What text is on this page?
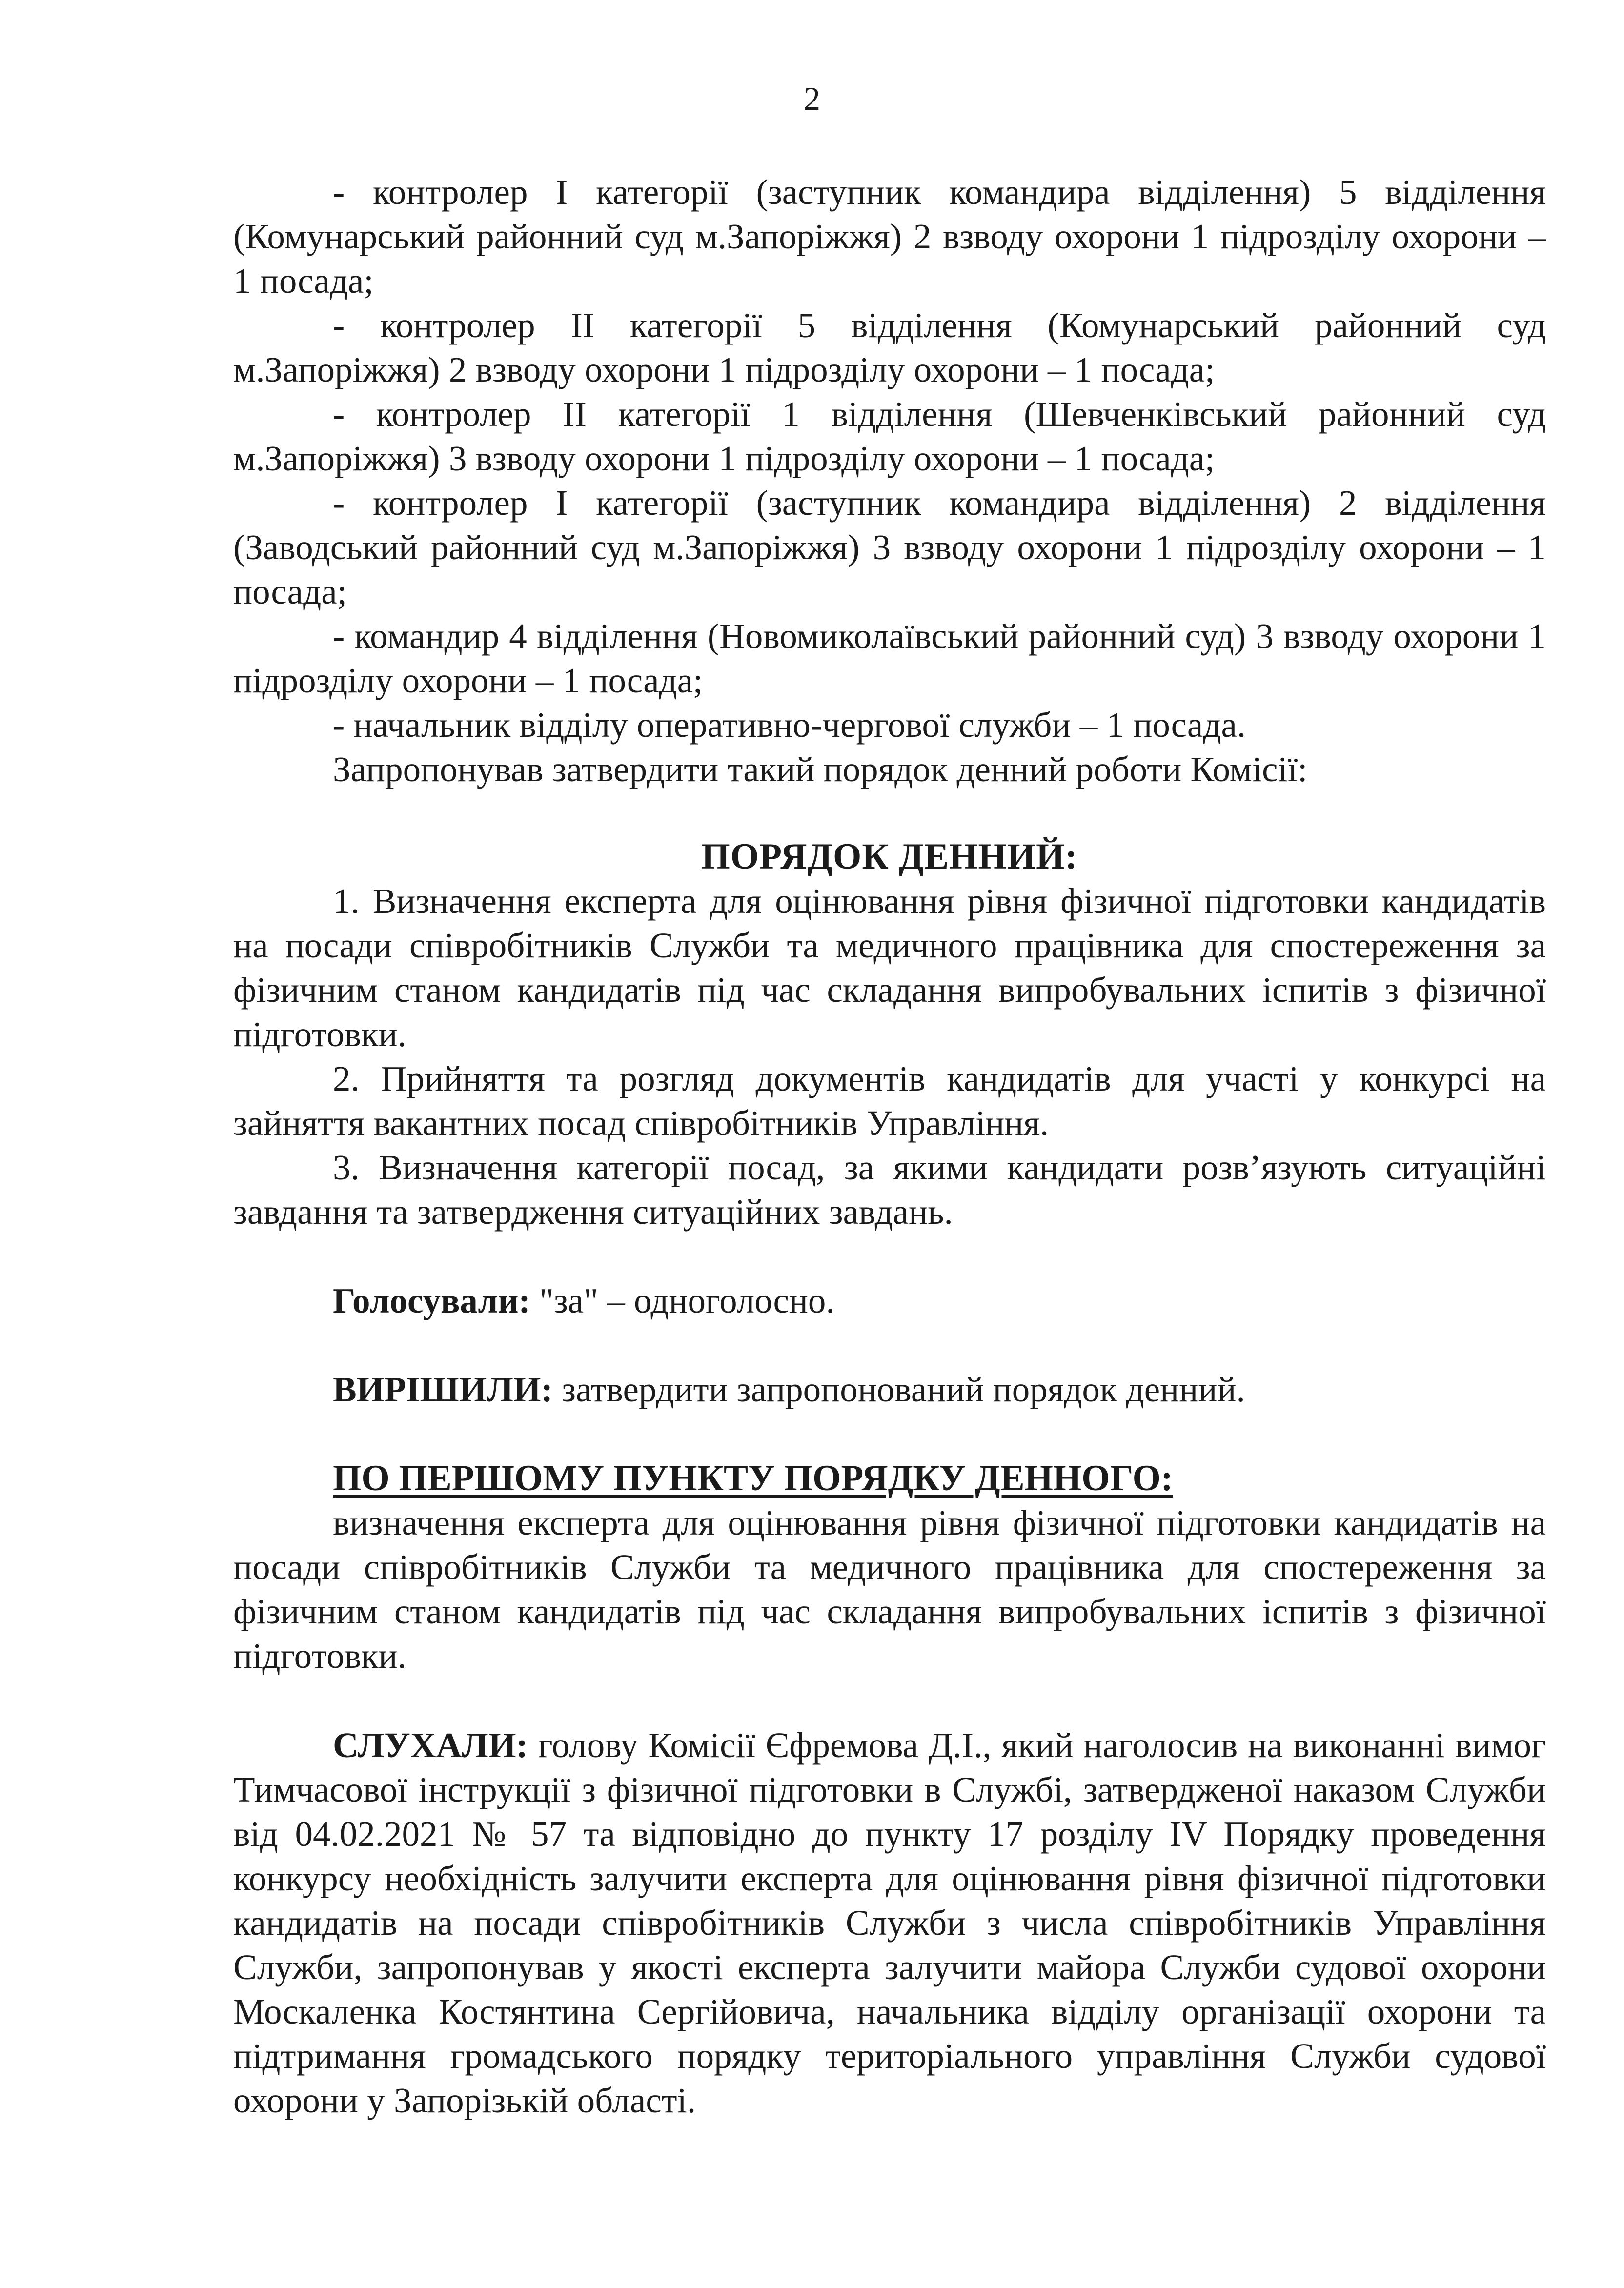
2

- контролер І категорії (заступник командира відділення) 5 відділення (Комунарський районний суд м.Запоріжжя) 2 взводу охорони 1 підрозділу охорони – 1 посада;

- контролер ІІ категорії 5 відділення (Комунарський районний суд м.Запоріжжя) 2 взводу охорони 1 підрозділу охорони – 1 посада;

- контролер ІІ категорії 1 відділення (Шевченківський районний суд м.Запоріжжя) 3 взводу охорони 1 підрозділу охорони – 1 посада;

- контролер І категорії (заступник командира відділення) 2 відділення (Заводський районний суд м.Запоріжжя) 3 взводу охорони 1 підрозділу охорони – 1 посада;

- командир 4 відділення (Новомиколаївський районний суд) 3 взводу охорони 1 підрозділу охорони – 1 посада;

- начальник відділу оперативно-чергової служби – 1 посада.

Запропонував затвердити такий порядок денний роботи Комісії:

ПОРЯДОК ДЕННИЙ:

1. Визначення експерта для оцінювання рівня фізичної підготовки кандидатів на посади співробітників Служби та медичного працівника для спостереження за фізичним станом кандидатів під час складання випробувальних іспитів з фізичної підготовки.

2. Прийняття та розгляд документів кандидатів для участі у конкурсі на зайняття вакантних посад співробітників Управління.

3. Визначення категорії посад, за якими кандидати розв’язують ситуаційні завдання та затвердження ситуаційних завдань.

Голосували: "за" – одноголосно.

ВИРІШИЛИ: затвердити запропонований порядок денний.

ПО ПЕРШОМУ ПУНКТУ ПОРЯДКУ ДЕННОГО:

визначення експерта для оцінювання рівня фізичної підготовки кандидатів на посади співробітників Служби та медичного працівника для спостереження за фізичним станом кандидатів під час складання випробувальних іспитів з фізичної підготовки.

СЛУХАЛИ: голову Комісії Єфремова Д.І., який наголосив на виконанні вимог Тимчасової інструкції з фізичної підготовки в Службі, затвердженої наказом Служби від 04.02.2021 № 57 та відповідно до пункту 17 розділу IV Порядку проведення конкурсу необхідність залучити експерта для оцінювання рівня фізичної підготовки кандидатів на посади співробітників Служби з числа співробітників Управління Служби, запропонував у якості експерта залучити майора Служби судової охорони Москаленка Костянтина Сергійовича, начальника відділу організації охорони та підтримання громадського порядку територіального управління Служби судової охорони у Запорізькій області.
